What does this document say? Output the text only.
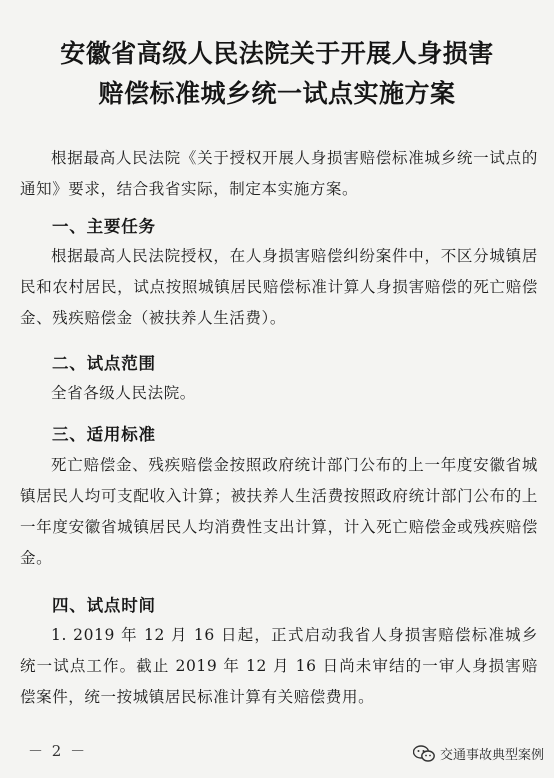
安徽省高级人民法院关于开展人身损害
赔偿标准城乡统一试点实施方案
根据最高人民法院《关于授权开展人身损害赔偿标准城乡统一试点的通知》要求，结合我省实际，制定本实施方案。
一、主要任务
根据最高人民法院授权，在人身损害赔偿纠纷案件中，不区分城镇居民和农村居民，试点按照城镇居民赔偿标准计算人身损害赔偿的死亡赔偿金、残疾赔偿金（被扶养人生活费）。
二、试点范围
全省各级人民法院。
三、适用标准
死亡赔偿金、残疾赔偿金按照政府统计部门公布的上一年度安徽省城镇居民人均可支配收入计算；被扶养人生活费按照政府统计部门公布的上一年度安徽省城镇居民人均消费性支出计算，计入死亡赔偿金或残疾赔偿金。
四、试点时间
1. 2019 年 12 月 16 日起，正式启动我省人身损害赔偿标准城乡统一试点工作。截止 2019 年 12 月 16 日尚未审结的一审人身损害赔偿案件，统一按城镇居民标准计算有关赔偿费用。
－ 2 －	交通事故典型案例
